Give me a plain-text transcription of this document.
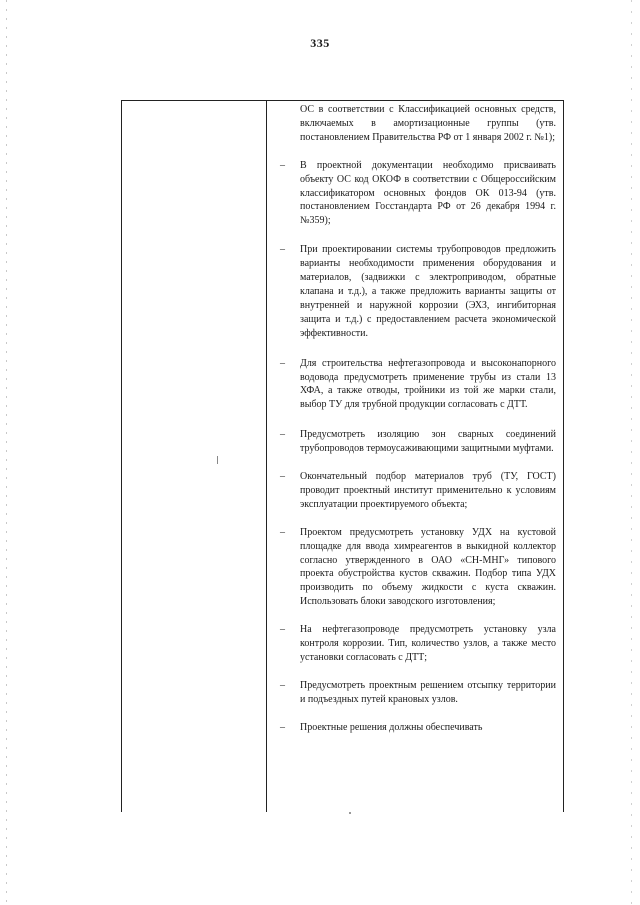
335
ОС в соответствии с Классификацией основных средств, включаемых в амортизационные группы (утв. постановлением Правительства РФ от 1 января 2002 г. №1);
– В проектной документации необходимо присваивать объекту ОС код ОКОФ в соответствии с Общероссийским классификатором основных фондов ОК 013-94 (утв. постановлением Госстандарта РФ от 26 декабря 1994 г. №359);
– При проектировании системы трубопроводов предложить варианты необходимости применения оборудования и материалов, (задвижки с электроприводом, обратные клапана и т.д.), а также предложить варианты защиты от внутренней и наружной коррозии (ЭХЗ, ингибиторная защита и т.д.) с предоставлением расчета экономической эффективности.
– Для строительства нефтегазопровода и высоконапорного водовода предусмотреть применение трубы из стали 13 ХФА, а также отводы, тройники из той же марки стали, выбор ТУ для трубной продукции согласовать с ДТТ.
– Предусмотреть изоляцию зон сварных соединений трубопроводов термоусаживающими защитными муфтами.
– Окончательный подбор материалов труб (ТУ, ГОСТ) проводит проектный институт применительно к условиям эксплуатации проектируемого объекта;
– Проектом предусмотреть установку УДХ на кустовой площадке для ввода химреагентов в выкидной коллектор согласно утвержденного в ОАО «СН-МНГ» типового проекта обустройства кустов скважин. Подбор типа УДХ производить по объему жидкости с куста скважин. Использовать блоки заводского изготовления;
– На нефтегазопроводе предусмотреть установку узла контроля коррозии. Тип, количество узлов, а также место установки согласовать с ДТТ;
– Предусмотреть проектным решением отсыпку территории и подъездных путей крановых узлов.
– Проектные решения должны обеспечивать
